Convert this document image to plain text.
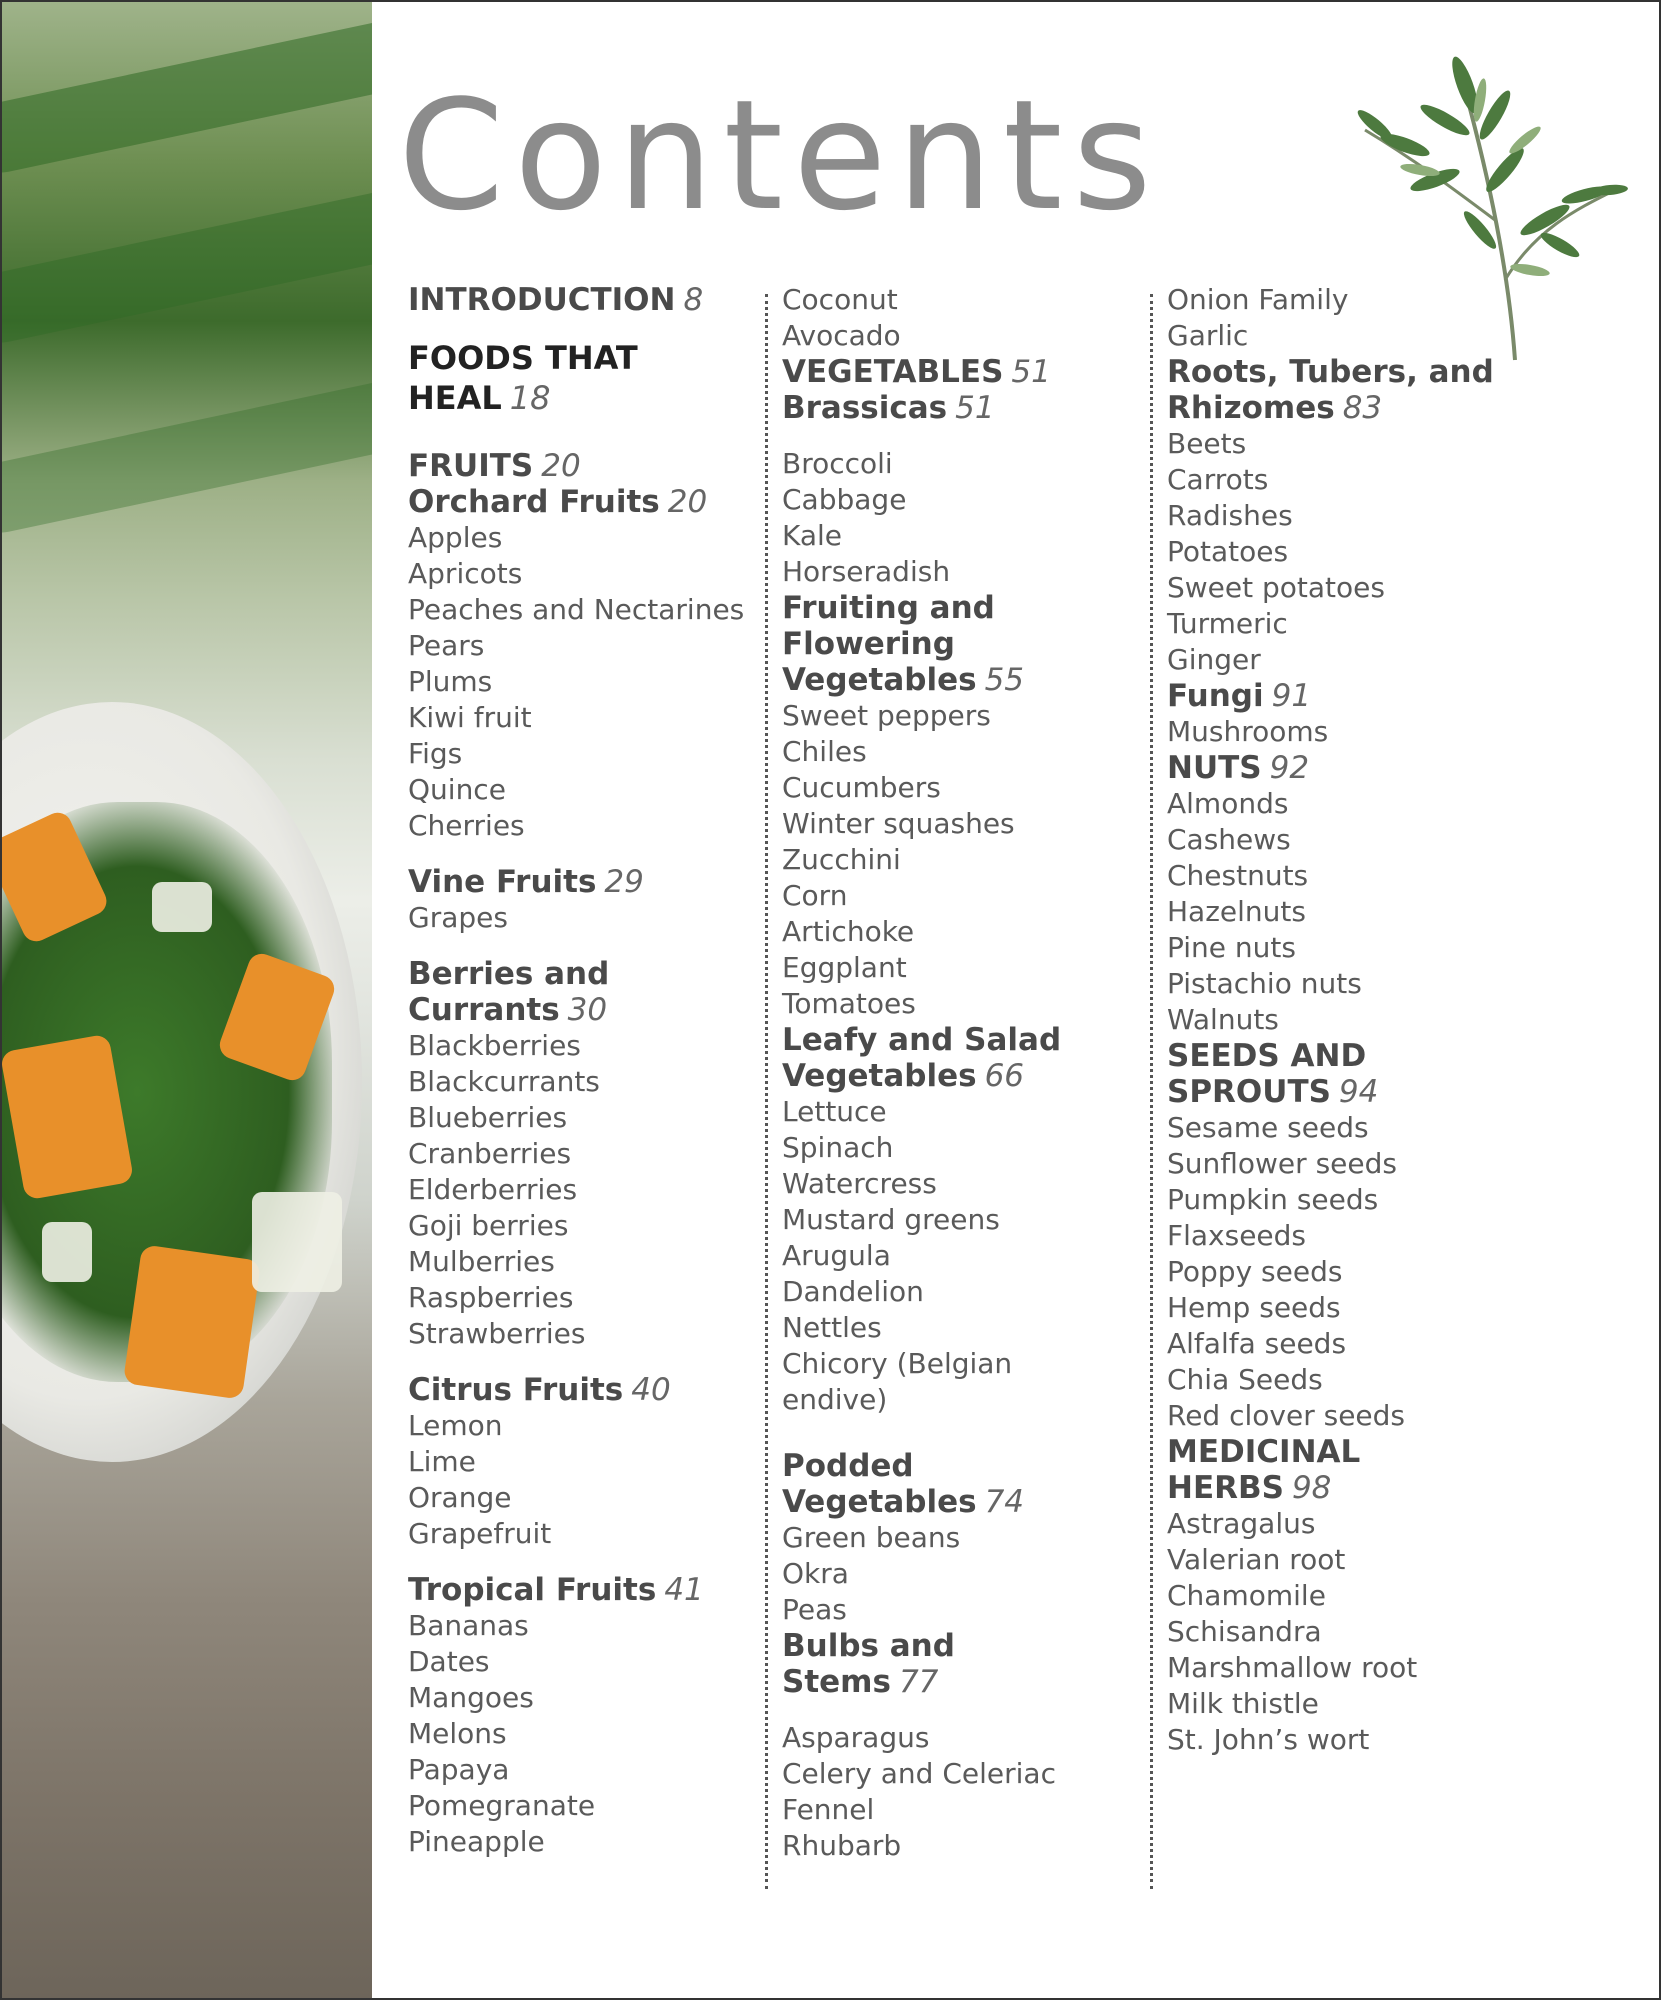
Contents
INTRODUCTION 8
FOODS THAT HEAL 18
FRUITS 20
Orchard Fruits 20
Apples
Apricots
Peaches and Nectarines
Pears
Plums
Kiwi fruit
Figs
Quince
Cherries
Vine Fruits 29
Grapes
Berries and Currants 30
Blackberries
Blackcurrants
Blueberries
Cranberries
Elderberries
Goji berries
Mulberries
Raspberries
Strawberries
Citrus Fruits 40
Lemon
Lime
Orange
Grapefruit
Tropical Fruits 41
Bananas
Dates
Mangoes
Melons
Papaya
Pomegranate
Pineapple
Coconut
Avocado
VEGETABLES 51
Brassicas 51
Broccoli
Cabbage
Kale
Horseradish
Fruiting and Flowering Vegetables 55
Sweet peppers
Chiles
Cucumbers
Winter squashes
Zucchini
Corn
Artichoke
Eggplant
Tomatoes
Leafy and Salad Vegetables 66
Lettuce
Spinach
Watercress
Mustard greens
Arugula
Dandelion
Nettles
Chicory (Belgian endive)
Podded Vegetables 74
Green beans
Okra
Peas
Bulbs and Stems 77
Asparagus
Celery and Celeriac
Fennel
Rhubarb
Onion Family
Garlic
Roots, Tubers, and Rhizomes 83
Beets
Carrots
Radishes
Potatoes
Sweet potatoes
Turmeric
Ginger
Fungi 91
Mushrooms
NUTS 92
Almonds
Cashews
Chestnuts
Hazelnuts
Pine nuts
Pistachio nuts
Walnuts
SEEDS AND SPROUTS 94
Sesame seeds
Sunflower seeds
Pumpkin seeds
Flaxseeds
Poppy seeds
Hemp seeds
Alfalfa seeds
Chia Seeds
Red clover seeds
MEDICINAL HERBS 98
Astragalus
Valerian root
Chamomile
Schisandra
Marshmallow root
Milk thistle
St. John’s wort
